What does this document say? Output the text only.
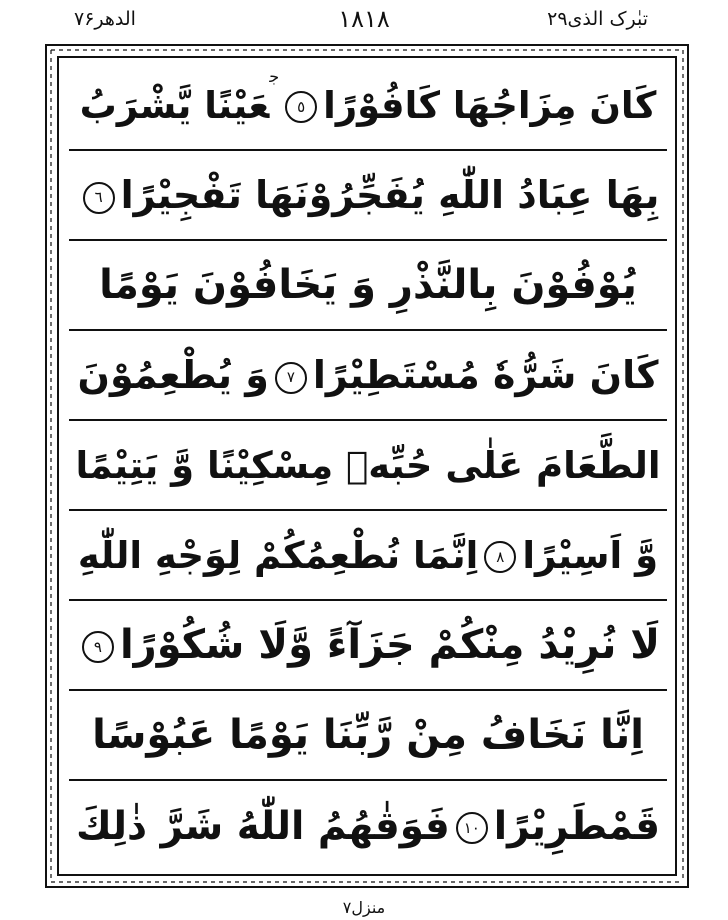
الدھر۷۶	۱۸۱۸	تبٰرک الذی۲۹
كَانَ مِزَاجُهَا $كَافُوْرًا٥^جعَيْنًا$ يَّشْرَبُ
بِهَا عِبَادُ اللّٰهِ يُفَجِّرُوْنَهَا تَفْجِيْرًا٦
يُوْفُوْنَ بِالنَّذْرِ وَ يَخَافُوْنَ يَوْمًا
كَانَ شَرُّهٗ مُسْتَطِيْرًا٧وَ يُطْعِمُوْنَ
الطَّعَامَ عَلٰى حُبِّهٖ مِسْكِيْنًا وَّ يَتِيْمًا
وَّ اَسِيْرًا٨اِنَّمَا نُطْعِمُكُمْ لِوَجْهِ اللّٰهِ
لَا نُرِيْدُ مِنْكُمْ جَزَآءً وَّلَا شُكُوْرًا٩
اِنَّا نَخَافُ مِنْ رَّبِّنَا يَوْمًا عَبُوْسًا
قَمْطَرِيْرًا١٠فَوَقٰهُمُ اللّٰهُ شَرَّ ذٰلِكَ
منزل۷
